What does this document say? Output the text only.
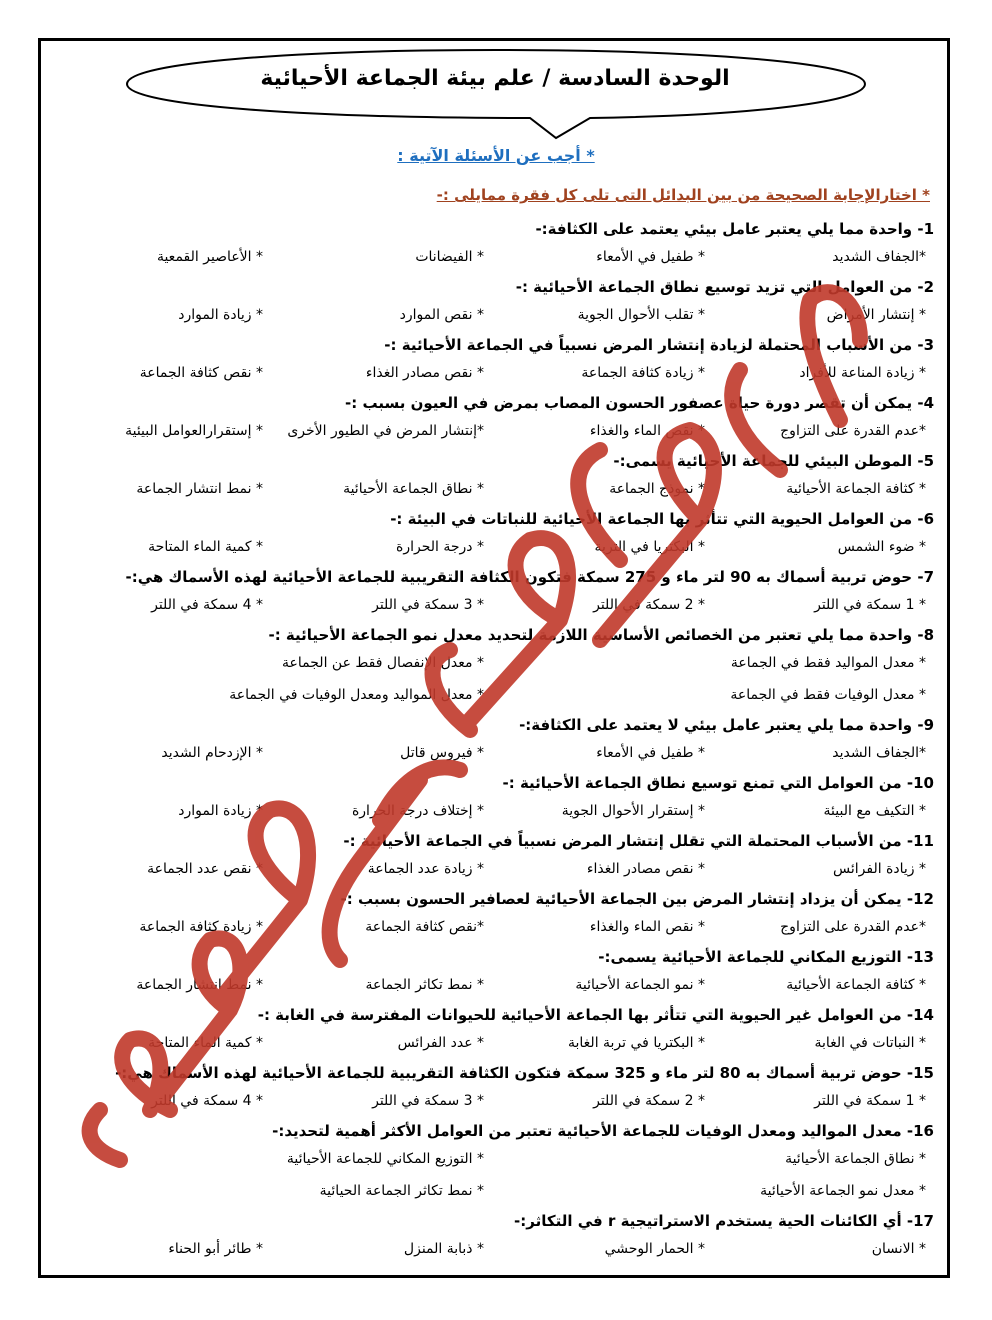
الوحدة السادسة / علم بيئة الجماعة الأحيائية
* أجب عن الأسئلة الآتية :
* اختارالإجابة الصحيحة من بين البدائل التى تلى كل فقرة ممايلى :-
1- واحدة مما يلي يعتبر عامل بيئي يعتمد على الكثافة:-
*الجفاف الشديد
* طفيل في الأمعاء
* الفيضانات
* الأعاصير القمعية
2- من العوامل التي تزيد توسيع نطاق الجماعة الأحيائية :-
* إنتشار الأمراض
* تقلب الأحوال الجوية
* نقص الموارد
* زيادة الموارد
3- من الأسباب المحتملة لزيادة إنتشار المرض نسبياً في الجماعة الأحيائية :-
* زيادة المناعة للأفراد
* زيادة كثافة الجماعة
* نقص مصادر الغذاء
* نقص كثافة الجماعة
4- يمكن أن تقصر دورة حياة عصفور الحسون المصاب بمرض في العيون بسبب :-
*عدم القدرة على التزاوج
* نقص الماء والغذاء
*إنتشار المرض في الطيور الأخرى
* إستقرارالعوامل البيئية
5- الموطن البيئي للجماعة الأحيائية يسمى:-
* كثافة الجماعة الأحيائية
* نموذج الجماعة
* نطاق الجماعة الأحيائية
* نمط انتشار الجماعة
6- من العوامل الحيوية التي تتأثر بها الجماعة الأحيائية للنباتات في البيئة :-
* ضوء الشمس
* البكتريا في التربة
* درجة الحرارة
* كمية الماء المتاحة
7- حوض تربية أسماك به 90 لتر ماء و 275 سمكة فتكون الكثافة التقريبية للجماعة الأحيائية لهذه الأسماك هي:-
* 1 سمكة في اللتر
* 2 سمكة في اللتر
* 3 سمكة في اللتر
* 4 سمكة في اللتر
8- واحدة مما يلي تعتبر من الخصائص الأساسية اللازمة لتحديد معدل نمو الجماعة الأحيائية :-
* معدل المواليد فقط في الجماعة
* معدل الإنفصال فقط عن الجماعة
* معدل الوفيات فقط في الجماعة
* معدل المواليد ومعدل الوفيات في الجماعة
9- واحدة مما يلي يعتبر عامل بيئي لا يعتمد على الكثافة:-
*الجفاف الشديد
* طفيل في الأمعاء
* فيروس قاتل
* الإزدحام الشديد
10- من العوامل التي تمنع توسيع نطاق الجماعة الأحيائية :-
* التكيف مع البيئة
* إستقرار الأحوال الجوية
* إختلاف درجة الحرارة
* زيادة الموارد
11- من الأسباب المحتملة التي تقلل إنتشار المرض نسبياً في الجماعة الأحيائية :-
* زيادة الفرائس
* نقص مصادر الغذاء
* زيادة عدد الجماعة
* نقص عدد الجماعة
12- يمكن أن يزداد إنتشار المرض بين الجماعة الأحيائية لعصافير الحسون بسبب :-
*عدم القدرة على التزاوج
* نقص الماء والغذاء
*نقص كثافة الجماعة
* زيادة كثافة الجماعة
13- التوزيع المكاني للجماعة الأحيائية يسمى:-
* كثافة الجماعة الأحيائية
* نمو الجماعة الأحيائية
* نمط تكاثر الجماعة
* نمط انتشار الجماعة
14- من العوامل غير الحيوية التي تتأثر بها الجماعة الأحيائية للحيوانات المفترسة في الغابة :-
* النباتات في الغابة
* البكتريا في تربة الغابة
* عدد الفرائس
* كمية الماء المتاحة
15- حوض تربية أسماك به 80 لتر ماء و 325 سمكة فتكون الكثافة التقريبية للجماعة الأحيائية لهذه الأسماك هي:-
* 1 سمكة في اللتر
* 2 سمكة في اللتر
* 3 سمكة في اللتر
* 4 سمكة في اللتر
16- معدل المواليد ومعدل الوفيات للجماعة الأحيائية تعتبر من العوامل الأكثر أهمية لتحديد:-
* نطاق الجماعة الأحيائية
* التوزيع المكاني للجماعة الأحيائية
* معدل نمو الجماعة الأحيائية
* نمط تكاثر الجماعة الحيائية
17- أي الكائنات الحية يستخدم الاستراتيجية r في التكاثر:-
* الانسان
* الحمار الوحشي
* ذبابة المنزل
* طائر أبو الحناء
